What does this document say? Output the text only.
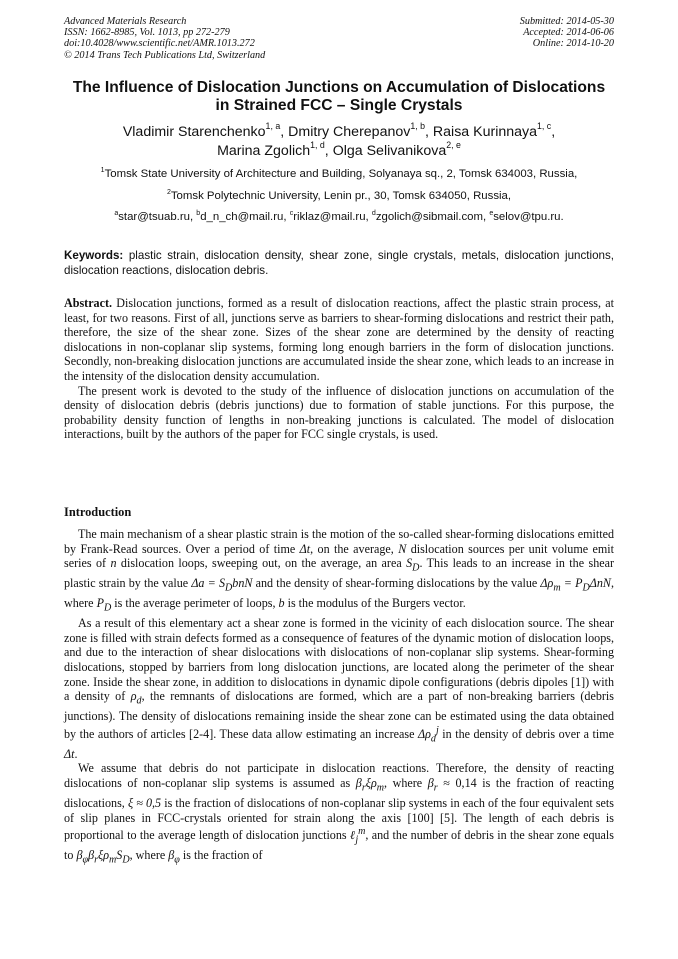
Advanced Materials Research
ISSN: 1662-8985, Vol. 1013, pp 272-279
doi:10.4028/www.scientific.net/AMR.1013.272
© 2014 Trans Tech Publications Ltd, Switzerland
Submitted: 2014-05-30
Accepted: 2014-06-06
Online: 2014-10-20
The Influence of Dislocation Junctions on Accumulation of Dislocations
in Strained FCC – Single Crystals
Vladimir Starenchenko$^{1, a}$, Dmitry Cherepanov$^{1, b}$, Raisa Kurinnaya$^{1, c}$,
Marina Zgolich$^{1, d}$, Olga Selivanikova$^{2, e}$
$^1$Tomsk State University of Architecture and Building, Solyanaya sq., 2, Tomsk 634003, Russia,
$^2$Tomsk Polytechnic University, Lenin pr., 30, Tomsk 634050, Russia,
$^a$star@tsuab.ru, $^b$d_n_ch@mail.ru, $^c$riklaz@mail.ru, $^d$zgolich@sibmail.com, $^e$selov@tpu.ru.
Keywords: plastic strain, dislocation density, shear zone, single crystals, metals, dislocation junctions, dislocation reactions, dislocation debris.

Abstract. Dislocation junctions, formed as a result of dislocation reactions, affect the plastic strain process, at least, for two reasons. First of all, junctions serve as barriers to shear-forming dislocations and restrict their path, therefore, the size of the shear zone. Sizes of the shear zone are determined by the density of reacting dislocations in non-coplanar slip systems, forming long enough barriers in the form of dislocation junctions. Secondly, non-breaking dislocation junctions are accumulated inside the shear zone, which leads to an increase in the intensity of the dislocation density accumulation.

The present work is devoted to the study of the influence of dislocation junctions on accumulation of the density of dislocation debris (debris junctions) due to formation of stable junctions. For this purpose, the probability density function of lengths in non-breaking junctions is calculated. The model of dislocation interactions, built by the authors of the paper for FCC single crystals, is used.

Introduction

The main mechanism of a shear plastic strain is the motion of the so-called shear-forming dislocations emitted by Frank-Read sources. Over a period of time Δt, on the average, N dislocation sources per unit volume emit series of n dislocation loops, sweeping out, on the average, an area $S_D$. This leads to an increase in the shear plastic strain by the value $\Delta a = S_DbnN$ and the density of shear-forming dislocations by the value $\Delta\rho_m = P_D\Delta nN$, where $P_D$ is the average perimeter of loops, b is the modulus of the Burgers vector.

As a result of this elementary act a shear zone is formed in the vicinity of each dislocation source. The shear zone is filled with strain defects formed as a consequence of features of the dynamic motion of dislocation loops, and due to the interaction of shear dislocations with dislocations of non-coplanar slip systems. Shear-forming dislocations, stopped by barriers from long dislocation junctions, are located along the perimeter of the shear zone. Inside the shear zone, in addition to dislocations in dynamic dipole configurations (debris dipoles [1]) with a density of $\rho_d$, the remnants of dislocations are formed, which are a part of non-breaking barriers (debris junctions). The density of dislocations remaining inside the shear zone can be estimated using the data obtained by the authors of articles [2-4]. These data allow estimating an increase $\Delta\rho_d^j$ in the density of debris over a time Δt.

We assume that debris do not participate in dislocation reactions. Therefore, the density of reacting dislocations of non-coplanar slip systems is assumed as $\beta_r\xi\rho_m$, where $\beta_r \approx 0,14$ is the fraction of reacting dislocations, ξ ≈ 0,5 is the fraction of dislocations of non-coplanar slip systems in each of the four equivalent sets of slip planes in FCC-crystals oriented for strain along the axis [100] [5]. The length of each debris is proportional to the average length of dislocation junctions ℓ$_j^m$, and the number of debris in the shear zone equals to $\beta_\varphi\beta_r\xi\rho_mS_D$, where $\beta_\varphi$ is the fraction of
